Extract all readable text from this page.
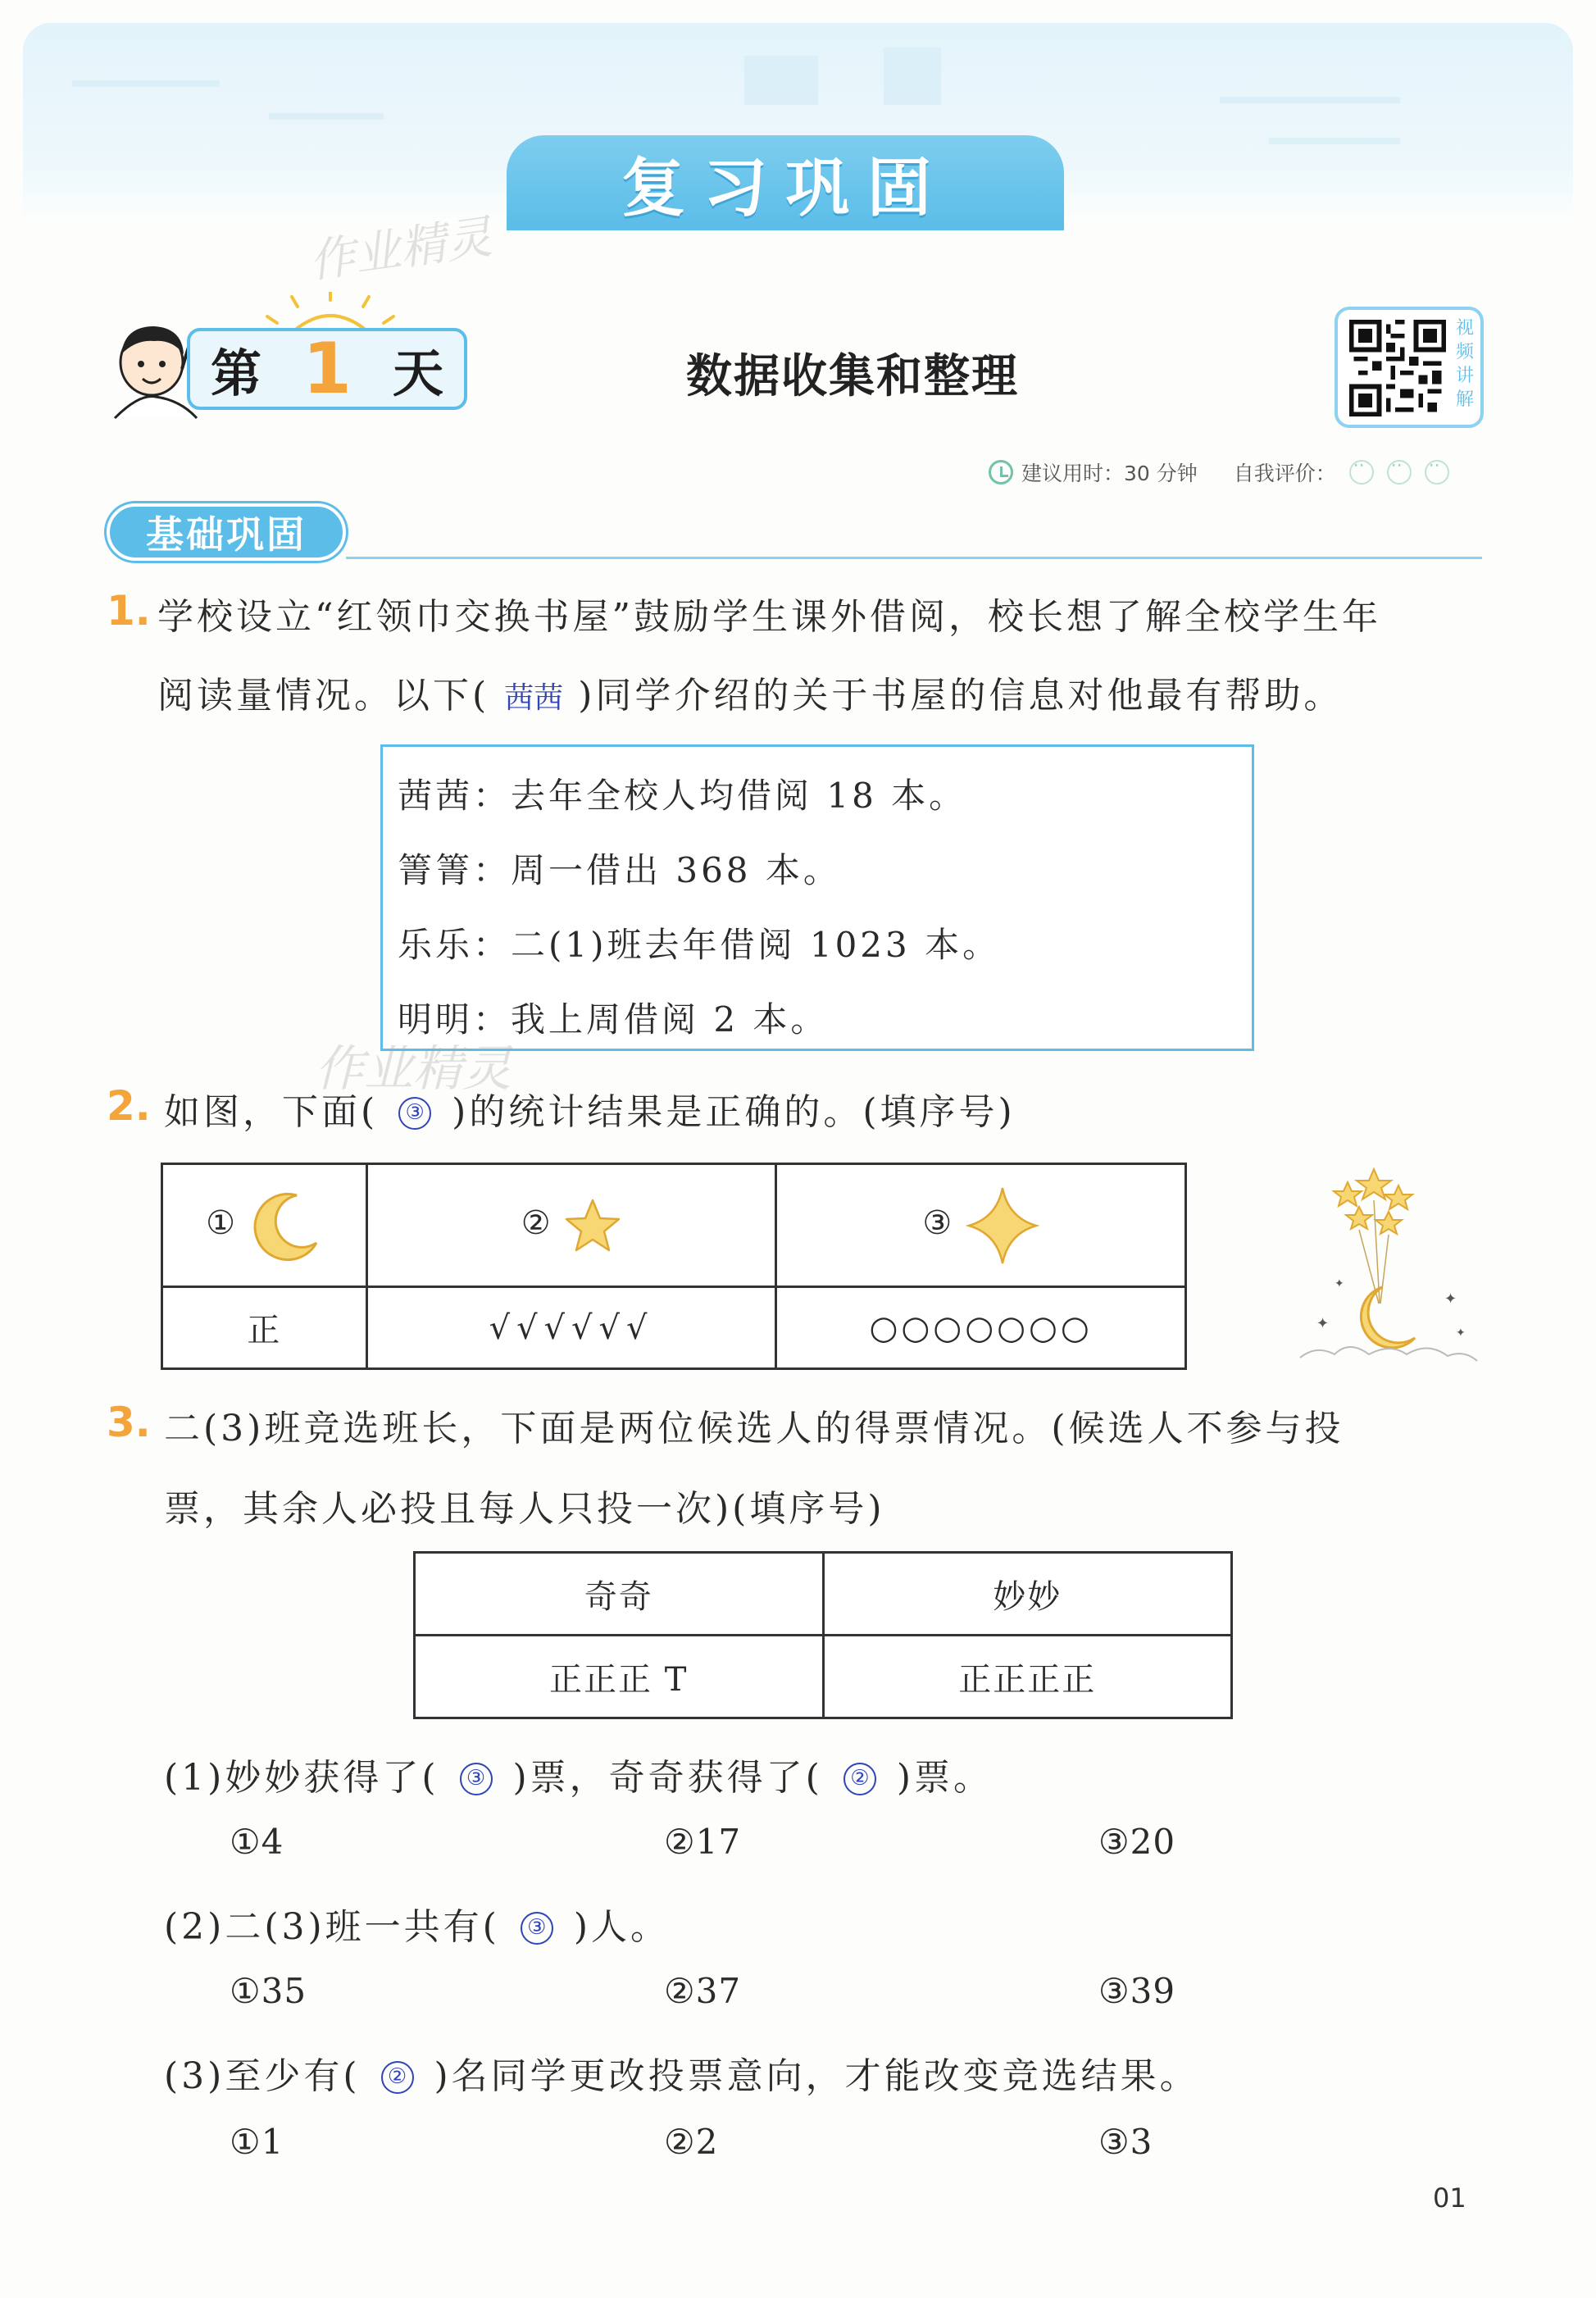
复习巩固
作业精灵
第 1 天	数据收集和整理
视
频
讲
解
建议用时：30 分钟 自我评价：
⋅⋅
⋅⋅
⋅⋅
基础巩固
1. 学校设立“红领巾交换书屋”鼓励学生课外借阅，校长想了解全校学生年
阅读量情况。以下( 茜茜 )同学介绍的关于书屋的信息对他最有帮助。
茜茜：去年全校人均借阅 18 本。
箐箐：周一借出 368 本。
乐乐：二(1)班去年借阅 1023 本。
明明：我上周借阅 2 本。
作业精灵
2. 如图，下面( ③ )的统计结果是正确的。(填序号)
①	②	③
正	√√√√√√	○○○○○○○	✦
✦
✦
✦
3. 二(3)班竞选班长，下面是两位候选人的得票情况。(候选人不参与投
票，其余人必投且每人只投一次)(填序号)
奇奇	妙妙
正正正 T	正正正正
(1)妙妙获得了( ③ )票，奇奇获得了( ② )票。
①4	②17	③20
(2)二(3)班一共有( ③ )人。
①35	②37	③39
(3)至少有( ② )名同学更改投票意向，才能改变竞选结果。
①1	②2	③3
01
